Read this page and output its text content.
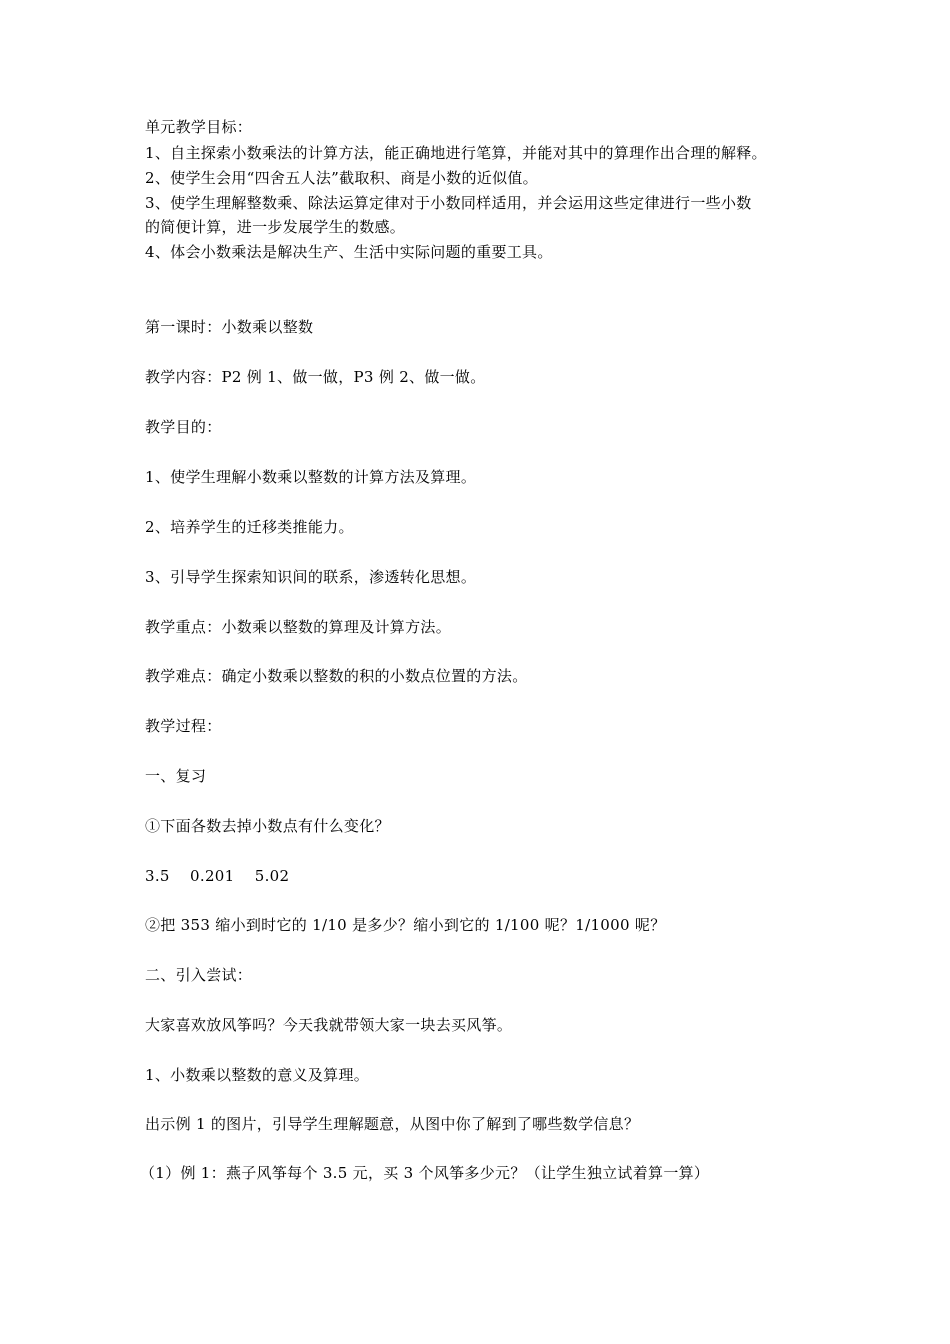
单元教学目标：
1、自主探索小数乘法的计算方法，能正确地进行笔算，并能对其中的算理作出合理的解释。
2、使学生会用“四舍五人法”截取积、商是小数的近似值。
3、使学生理解整数乘、除法运算定律对于小数同样适用，并会运用这些定律进行一些小数
的简便计算，进一步发展学生的数感。
4、体会小数乘法是解决生产、生活中实际问题的重要工具。
第一课时：小数乘以整数
教学内容：P2 例 1、做一做，P3 例 2、做一做。
教学目的：
1、使学生理解小数乘以整数的计算方法及算理。
2、培养学生的迁移类推能力。
3、引导学生探索知识间的联系，渗透转化思想。
教学重点：小数乘以整数的算理及计算方法。
教学难点：确定小数乘以整数的积的小数点位置的方法。
教学过程：
一、复习
①下面各数去掉小数点有什么变化？
3.5    0.201    5.02
②把 353 缩小到时它的 1/10 是多少？缩小到它的 1/100 呢？1/1000 呢？
二、引入尝试：
大家喜欢放风筝吗？今天我就带领大家一块去买风筝。
1、小数乘以整数的意义及算理。
出示例 1 的图片，引导学生理解题意，从图中你了解到了哪些数学信息？
（1）例 1：燕子风筝每个 3.5 元，买 3 个风筝多少元？（让学生独立试着算一算）
